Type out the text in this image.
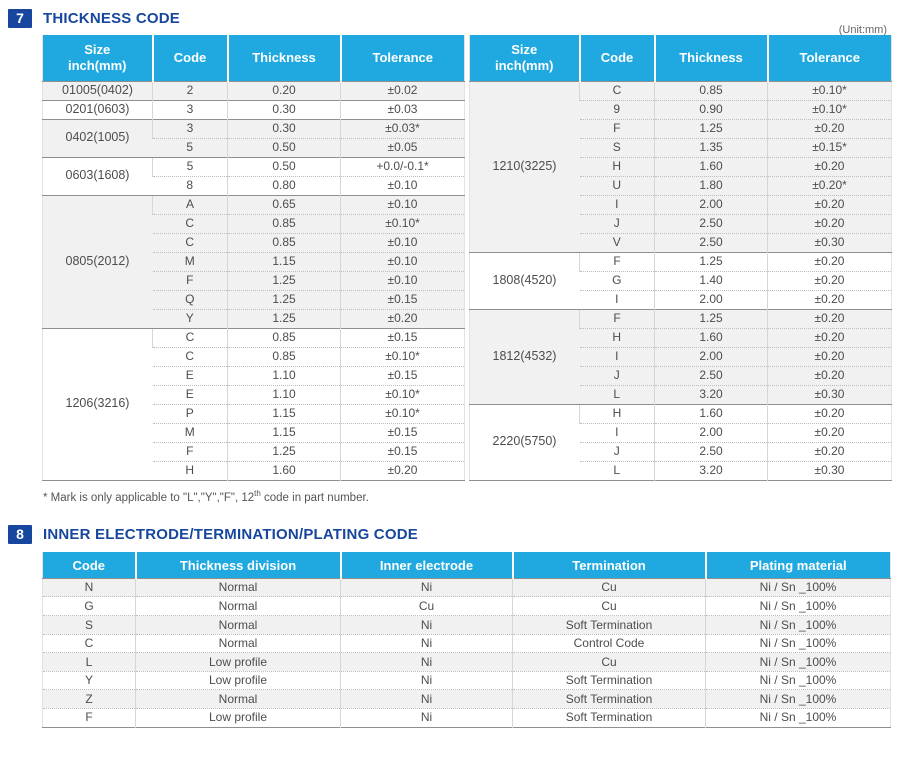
7	THICKNESS CODE
(Unit:mm)
Size
inch(mm)	Code	Thickness	Tolerance
01005(0402)	2	0.20	±0.02
0201(0603)	3	0.30	±0.03
0402(1005)	3	0.30	±0.03*
	5	0.50	±0.05
0603(1608)	5	0.50	+0.0/-0.1*
	8	0.80	±0.10
0805(2012)	A	0.65	±0.10
	C	0.85	±0.10*
	C	0.85	±0.10
	M	1.15	±0.10
	F	1.25	±0.10
	Q	1.25	±0.15
	Y	1.25	±0.20
1206(3216)	C	0.85	±0.15
	C	0.85	±0.10*
	E	1.10	±0.15
	E	1.10	±0.10*
	P	1.15	±0.10*
	M	1.15	±0.15
	F	1.25	±0.15
	H	1.60	±0.20
Size
inch(mm)	Code	Thickness	Tolerance
1210(3225)	C	0.85	±0.10*
	9	0.90	±0.10*
	F	1.25	±0.20
	S	1.35	±0.15*
	H	1.60	±0.20
	U	1.80	±0.20*
	I	2.00	±0.20
	J	2.50	±0.20
	V	2.50	±0.30
1808(4520)	F	1.25	±0.20
	G	1.40	±0.20
	I	2.00	±0.20
1812(4532)	F	1.25	±0.20
	H	1.60	±0.20
	I	2.00	±0.20
	J	2.50	±0.20
	L	3.20	±0.30
2220(5750)	H	1.60	±0.20
	I	2.00	±0.20
	J	2.50	±0.20
	L	3.20	±0.30
* Mark is only applicable to "L","Y","F", 12th code in part number.
8	INNER ELECTRODE/TERMINATION/PLATING CODE
Code	Thickness division	Inner electrode	Termination	Plating material
N	Normal	Ni	Cu	Ni / Sn _100%
G	Normal	Cu	Cu	Ni / Sn _100%
S	Normal	Ni	Soft Termination	Ni / Sn _100%
C	Normal	Ni	Control Code	Ni / Sn _100%
L	Low profile	Ni	Cu	Ni / Sn _100%
Y	Low profile	Ni	Soft Termination	Ni / Sn _100%
Z	Normal	Ni	Soft Termination	Ni / Sn _100%
F	Low profile	Ni	Soft Termination	Ni / Sn _100%
